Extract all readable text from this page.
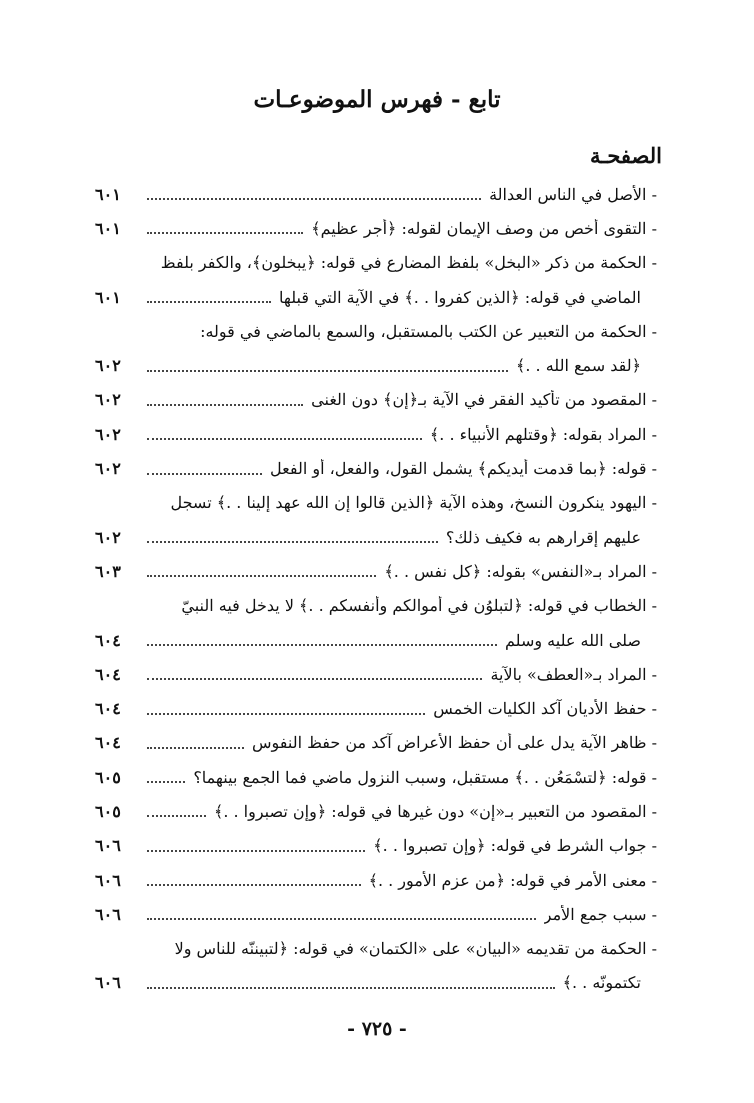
تابع - فهرس الموضوعـات
الصفحـة
- الأصل في الناس العدالة
٦٠١
- التقوى أخص من وصف الإيمان لقوله: ﴿أجر عظيم﴾
٦٠١
- الحكمة من ذكر «البخل» بلفظ المضارع في قوله: ﴿يبخلون﴾، والكفر بلفظ
الماضي في قوله: ﴿الذين كفروا . .﴾ في الآية التي قبلها
٦٠١
- الحكمة من التعبير عن الكتب بالمستقبل، والسمع بالماضي في قوله:
﴿لقد سمع الله . .﴾
٦٠٢
- المقصود من تأكيد الفقر في الآية بـ﴿إن﴾ دون الغنى
٦٠٢
- المراد بقوله: ﴿وقتلهم الأنبياء . .﴾
٦٠٢
- قوله: ﴿بما قدمت أيديكم﴾ يشمل القول، والفعل، أو الفعل
٦٠٢
- اليهود ينكرون النسخ، وهذه الآية ﴿الذين قالوا إن الله عهد إلينا . .﴾ تسجل
عليهم إقرارهم به فكيف ذلك؟
٦٠٢
- المراد بـ«النفس» بقوله: ﴿كل نفس . .﴾
٦٠٣
- الخطاب في قوله: ﴿لتبلوُن في أموالكم وأنفسكم . .﴾ لا يدخل فيه النبيّ
صلى الله عليه وسلم
٦٠٤
- المراد بـ«العطف» بالآية
٦٠٤
- حفظ الأديان آكد الكليات الخمس
٦٠٤
- ظاهر الآية يدل على أن حفظ الأعراض آكد من حفظ النفوس
٦٠٤
- قوله: ﴿لتسْمَعُن . .﴾ مستقبل، وسبب النزول ماضي فما الجمع بينهما؟
٦٠٥
- المقصود من التعبير بـ«إن» دون غيرها في قوله: ﴿وإن تصبروا . .﴾
٦٠٥
- جواب الشرط في قوله: ﴿وإن تصبروا . .﴾
٦٠٦
- معنى الأمر في قوله: ﴿من عزم الأمور . .﴾
٦٠٦
- سبب جمع الأمر
٦٠٦
- الحكمة من تقديمه «البيان» على «الكتمان» في قوله: ﴿لتبيننّه للناس ولا
تكتمونّه . .﴾
٦٠٦
- ٧٢٥ -
